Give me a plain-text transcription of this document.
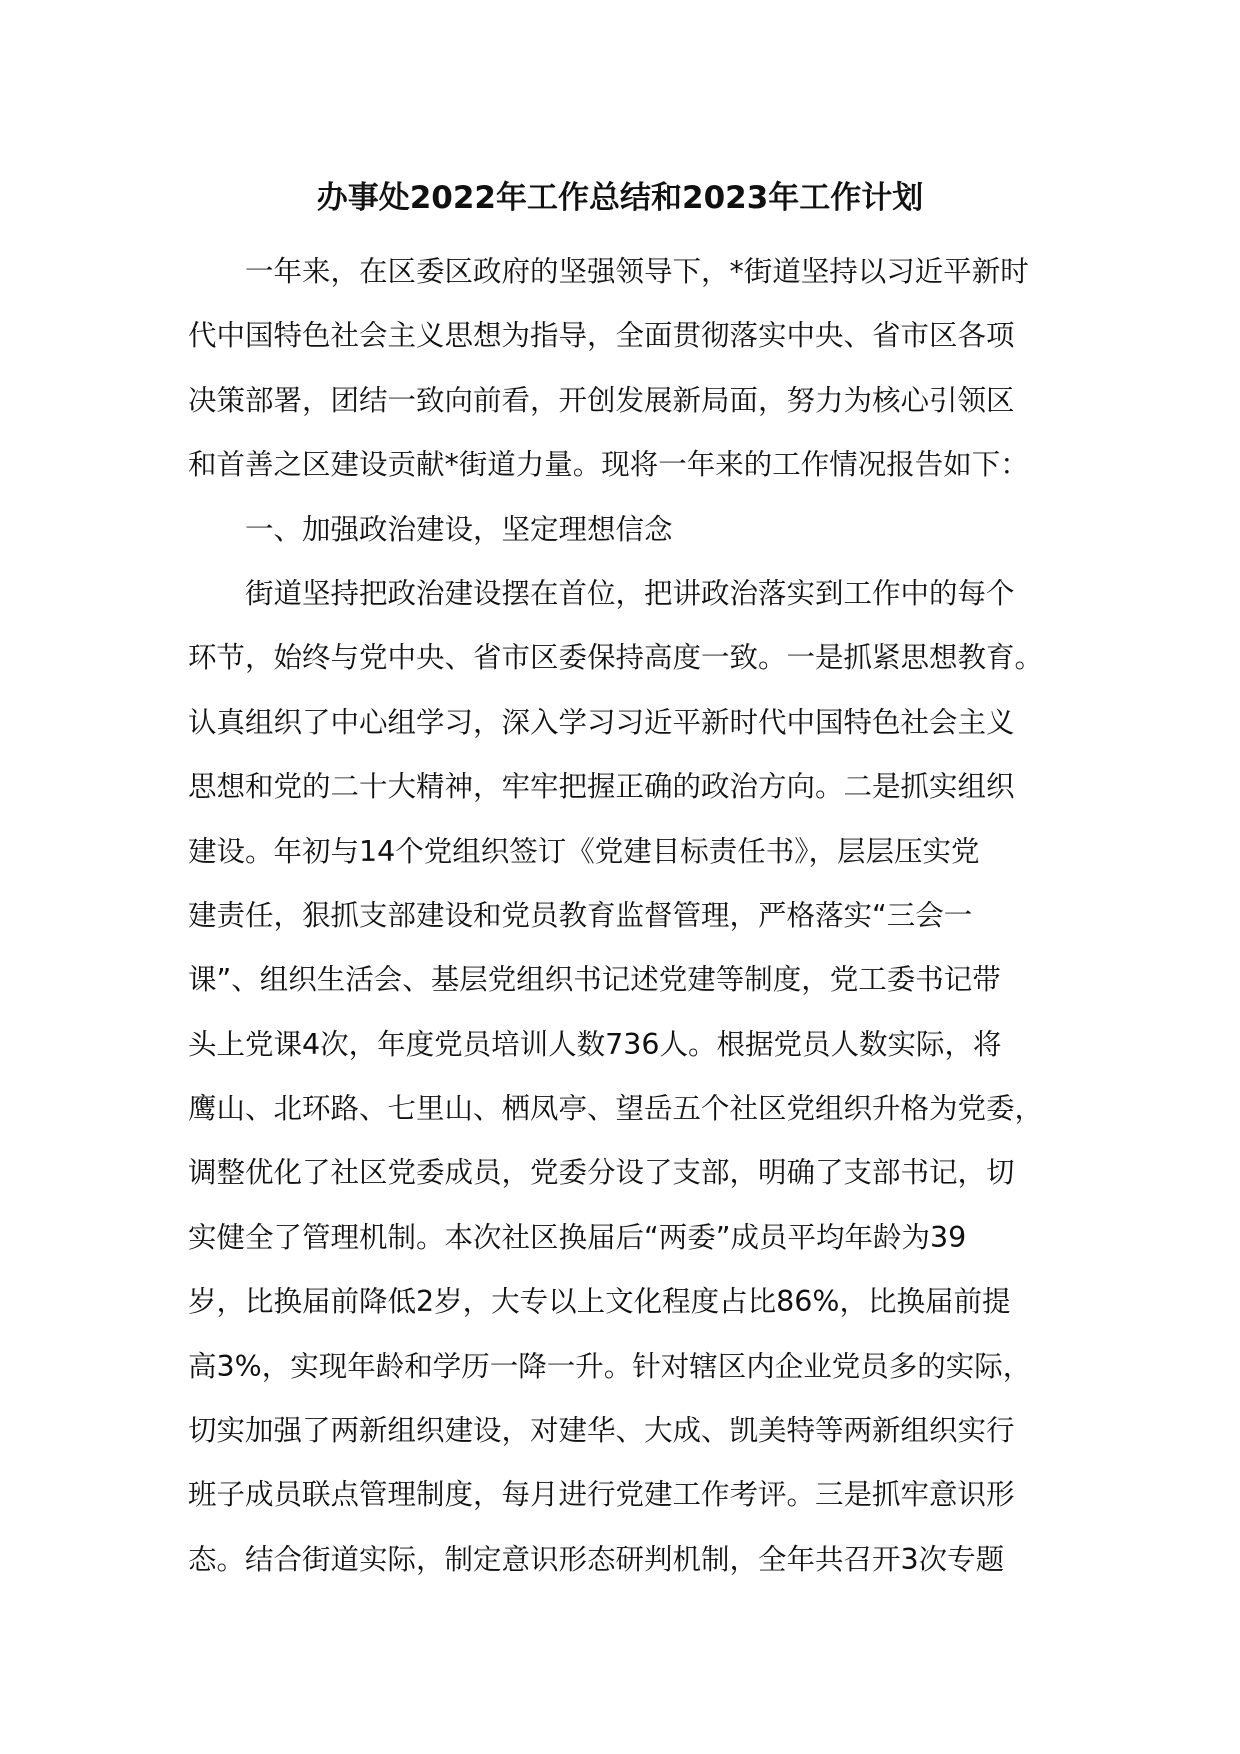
办事处2022年工作总结和2023年工作计划

　　一年来，在区委区政府的坚强领导下，*街道坚持以习近平新时

代中国特色社会主义思想为指导，全面贯彻落实中央、省市区各项

决策部署，团结一致向前看，开创发展新局面，努力为核心引领区

和首善之区建设贡献*街道力量。现将一年来的工作情况报告如下：

　　一、加强政治建设，坚定理想信念

　　街道坚持把政治建设摆在首位，把讲政治落实到工作中的每个

环节，始终与党中央、省市区委保持高度一致。一是抓紧思想教育。

认真组织了中心组学习，深入学习习近平新时代中国特色社会主义

思想和党的二十大精神，牢牢把握正确的政治方向。二是抓实组织

建设。年初与14个党组织签订《党建目标责任书》，层层压实党

建责任，狠抓支部建设和党员教育监督管理，严格落实“三会一

课”、组织生活会、基层党组织书记述党建等制度，党工委书记带

头上党课4次，年度党员培训人数736人。根据党员人数实际，将

鹰山、北环路、七里山、栖凤亭、望岳五个社区党组织升格为党委，

调整优化了社区党委成员，党委分设了支部，明确了支部书记，切

实健全了管理机制。本次社区换届后“两委”成员平均年龄为39

岁，比换届前降低2岁，大专以上文化程度占比86%，比换届前提

高3%，实现年龄和学历一降一升。针对辖区内企业党员多的实际，

切实加强了两新组织建设，对建华、大成、凯美特等两新组织实行

班子成员联点管理制度，每月进行党建工作考评。三是抓牢意识形

态。结合街道实际，制定意识形态研判机制，全年共召开3次专题
